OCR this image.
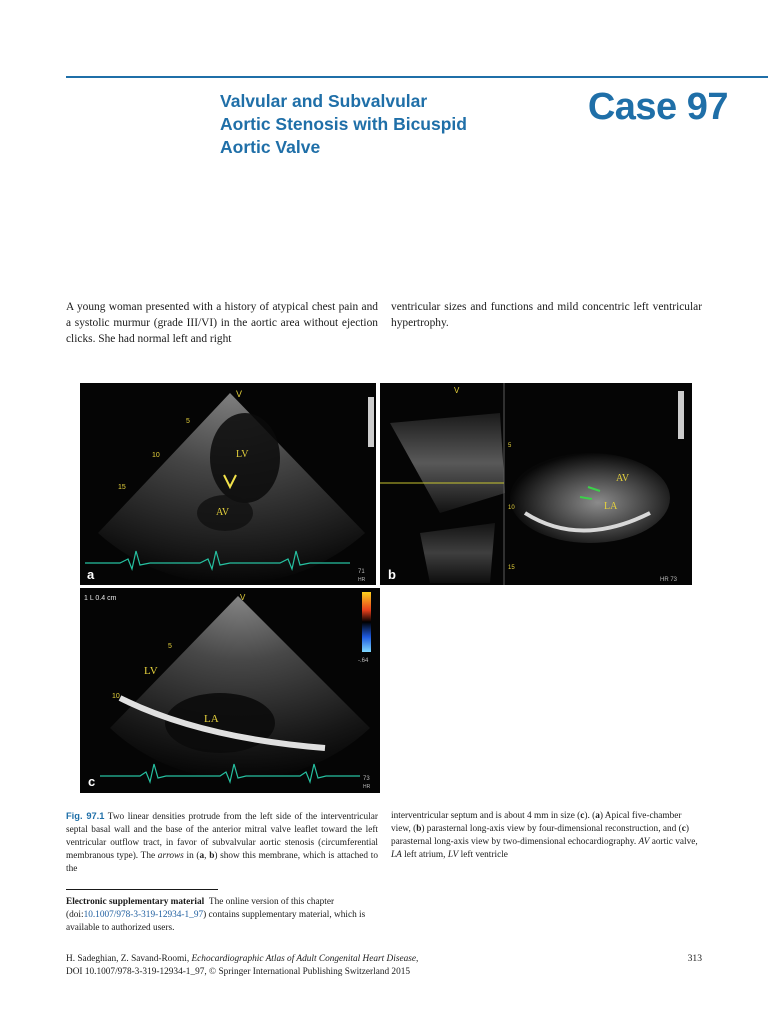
Valvular and Subvalvular
Aortic Stenosis with Bicuspid
Aortic Valve
Case 97
A young woman presented with a history of atypical chest pain and a systolic murmur (grade III/VI) in the aortic area without ejection clicks. She had normal left and right
ventricular sizes and functions and mild concentric left ventricular hypertrophy.
V
5
10
15
LV
AV
a	71
HR
V
5
10
15
AV
LA
b	HR 73
1 L 0.4 cm
-.64
V
5
10
LV
LA
c	73
HR
Fig. 97.1 Two linear densities protrude from the left side of the interventricular septal basal wall and the base of the anterior mitral valve leaflet toward the left ventricular outflow tract, in favor of subvalvular aortic stenosis (circumferential membranous type). The arrows in (a, b) show this membrane, which is attached to the
interventricular septum and is about 4 mm in size (c). (a) Apical five-chamber view, (b) parasternal long-axis view by four-dimensional reconstruction, and (c) parasternal long-axis view by two-dimensional echocardiography. AV aortic valve, LA left atrium, LV left ventricle
Electronic supplementary material The online version of this chapter (doi:10.1007/978-3-319-12934-1_97) contains supplementary material, which is available to authorized users.
H. Sadeghian, Z. Savand-Roomi, Echocardiographic Atlas of Adult Congenital Heart Disease,
DOI 10.1007/978-3-319-12934-1_97, © Springer International Publishing Switzerland 2015
313
